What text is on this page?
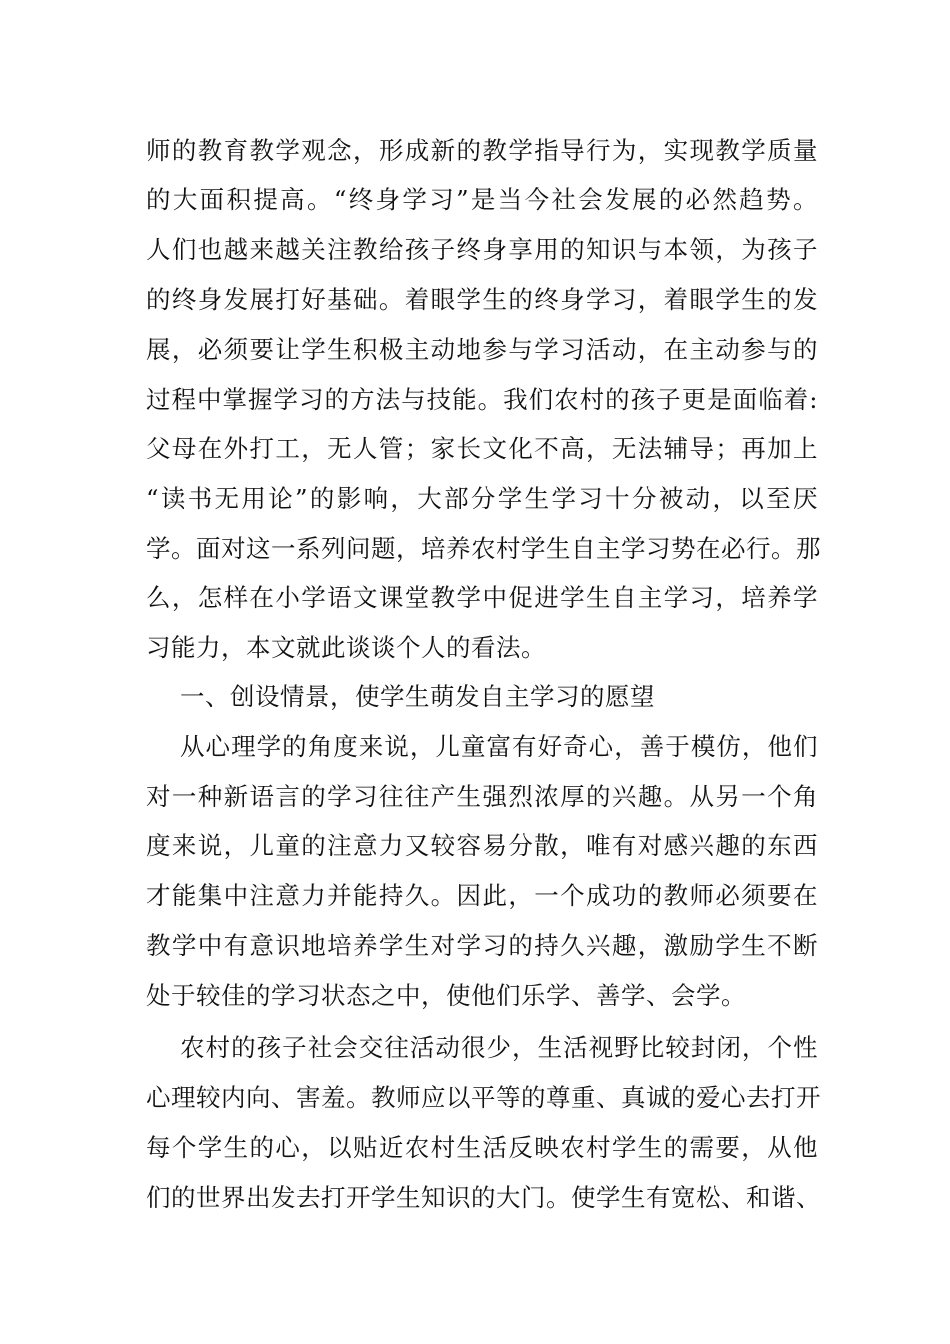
师的教育教学观念，形成新的教学指导行为，实现教学质量
的大面积提高。“终身学习”是当今社会发展的必然趋势。
人们也越来越关注教给孩子终身享用的知识与本领，为孩子
的终身发展打好基础。着眼学生的终身学习，着眼学生的发
展，必须要让学生积极主动地参与学习活动，在主动参与的
过程中掌握学习的方法与技能。我们农村的孩子更是面临着:
父母在外打工，无人管；家长文化不高，无法辅导；再加上
“读书无用论”的影响，大部分学生学习十分被动，以至厌
学。面对这一系列问题，培养农村学生自主学习势在必行。那
么，怎样在小学语文课堂教学中促进学生自主学习，培养学
习能力，本文就此谈谈个人的看法。
一、创设情景，使学生萌发自主学习的愿望
从心理学的角度来说，儿童富有好奇心，善于模仿，他们
对一种新语言的学习往往产生强烈浓厚的兴趣。从另一个角
度来说，儿童的注意力又较容易分散，唯有对感兴趣的东西
才能集中注意力并能持久。因此，一个成功的教师必须要在
教学中有意识地培养学生对学习的持久兴趣，激励学生不断
处于较佳的学习状态之中，使他们乐学、善学、会学。
农村的孩子社会交往活动很少，生活视野比较封闭，个性
心理较内向、害羞。教师应以平等的尊重、真诚的爱心去打开
每个学生的心，以贴近农村生活反映农村学生的需要，从他
们的世界出发去打开学生知识的大门。使学生有宽松、和谐、
